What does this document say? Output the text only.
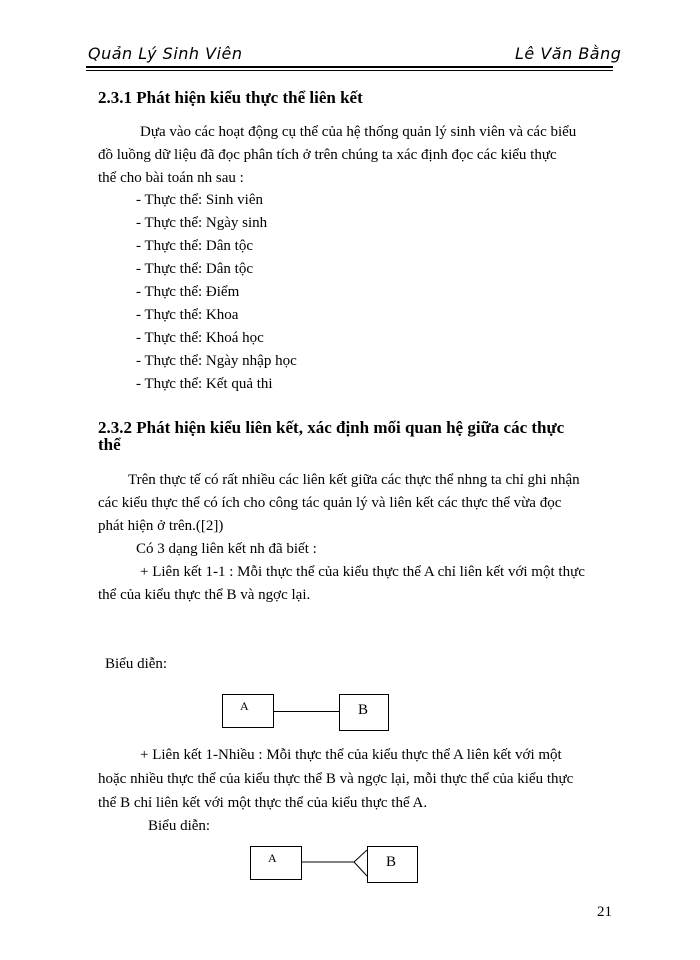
Quản Lý Sinh Viên	Lê Văn Bằng
2.3.1 Phát hiện kiểu thực thể liên kết
Dựa vào các hoạt động cụ thể của hệ thống quản lý sinh viên và các biểu
đồ luồng dữ liệu đã đọc phân tích ở trên chúng ta xác định đọc các kiểu thực
thể cho bài toán nh sau :
- Thực thể: Sinh viên
- Thực thể: Ngày sinh
- Thực thể: Dân tộc
- Thực thể: Dân tộc
- Thực thể: Điểm
- Thực thể: Khoa
- Thực thể: Khoá học
- Thực thể: Ngày nhập học
- Thực thể: Kết quả thi
2.3.2 Phát hiện kiểu liên kết, xác định mối quan hệ giữa các thực
thể
Trên thực tế có rất nhiều các liên kết giữa các thực thể nhng ta chỉ ghi nhận
các kiểu thực thể có ích cho công tác quản lý và liên kết các thực thể vừa đọc
phát hiện ở trên.([2])
Có 3 dạng liên kết nh đã biết :
+ Liên kết 1-1 : Mỗi thực thể của kiểu thực thể A chỉ liên kết với một thực
thể của kiểu thực thể B và ngợc lại.
Biểu diễn:
A	B
+ Liên kết 1-Nhiều : Mỗi thực thể của kiểu thực thể A liên kết với một
hoặc nhiều thực thể của kiểu thực thể B và ngợc lại, mỗi thực thể của kiểu thực
thể B chỉ liên kết với một thực thể của kiểu thực thể A.
Biểu diễn:
A	B
21
